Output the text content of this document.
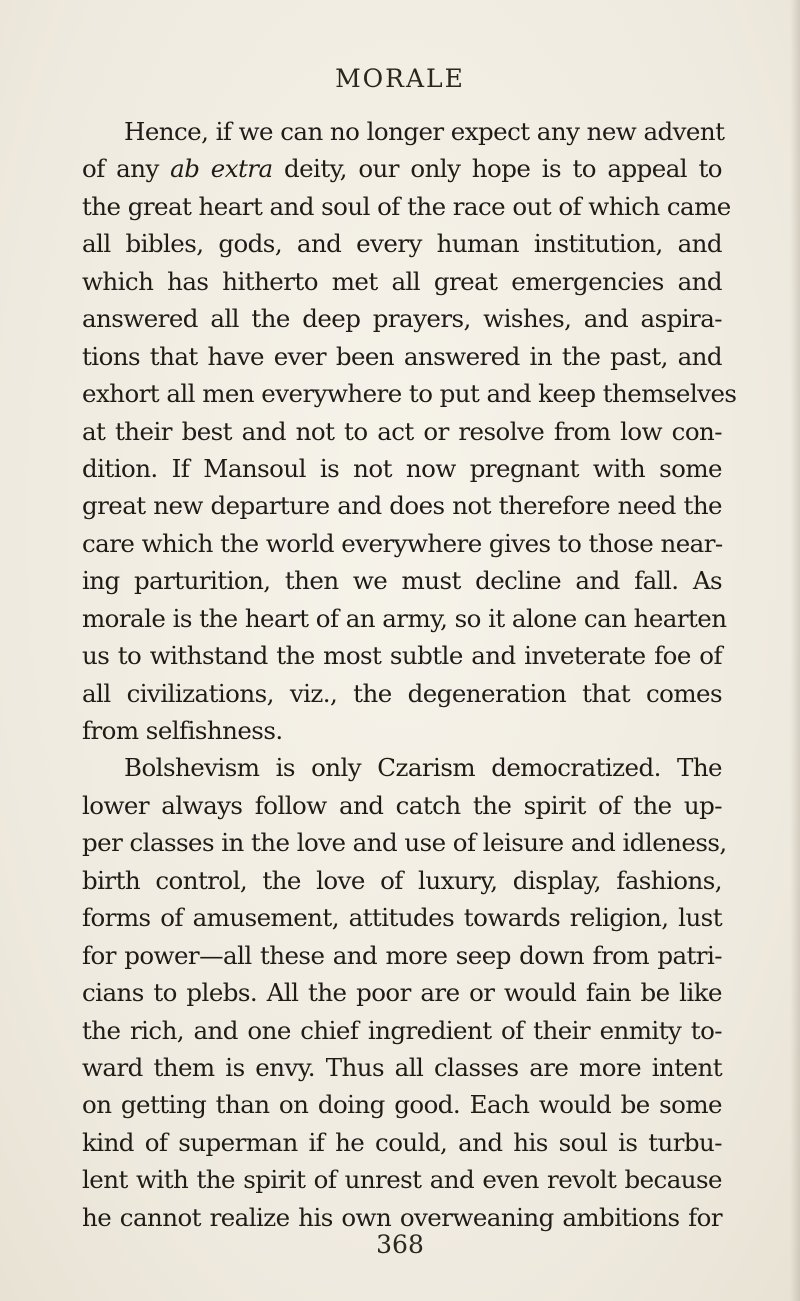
MORALE
Hence, if we can no longer expect any new advent
of any ab extra deity, our only hope is to appeal to
the great heart and soul of the race out of which came
all bibles, gods, and every human institution, and
which has hitherto met all great emergencies and
answered all the deep prayers, wishes, and aspira-
tions that have ever been answered in the past, and
exhort all men everywhere to put and keep themselves
at their best and not to act or resolve from low con-
dition. If Mansoul is not now pregnant with some
great new departure and does not therefore need the
care which the world everywhere gives to those near-
ing parturition, then we must decline and fall. As
morale is the heart of an army, so it alone can hearten
us to withstand the most subtle and inveterate foe of
all civilizations, viz., the degeneration that comes
from selfishness.
Bolshevism is only Czarism democratized. The
lower always follow and catch the spirit of the up-
per classes in the love and use of leisure and idleness,
birth control, the love of luxury, display, fashions,
forms of amusement, attitudes towards religion, lust
for power—all these and more seep down from patri-
cians to plebs. All the poor are or would fain be like
the rich, and one chief ingredient of their enmity to-
ward them is envy. Thus all classes are more intent
on getting than on doing good. Each would be some
kind of superman if he could, and his soul is turbu-
lent with the spirit of unrest and even revolt because
he cannot realize his own overweaning ambitions for
368
